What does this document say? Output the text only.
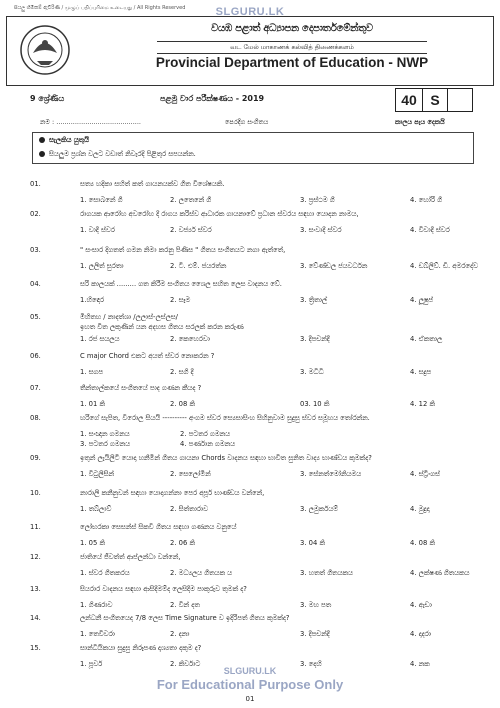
SLGURU.LK
සියලු හිමිකම් ඇවිරිණි / முழுப் பதிப்புரிமை உடையது / All Rights Reserved
වයඹ පළාත් අධ්‍යාපන දෙපාර්තමේන්තුව
வட மேல் மாகாணக் கல்வித் திணைக்களம்
Provincial Department of Education - NWP
9 ශ්‍රේණිය	පළමු වාර පරීක්ෂණය - 2019	40 S
නම : .........................................	පෙරදිග සංගීතය	කාලය පැය දෙකයි
සැලකිය යුතුයි
සියලුම ප්‍රශ්න වලට වඩාත් නිවැරදි පිළිතුර සපයන්න.
01.	සත්‍ය හදිකා සහිත් කත් ගායනයක්ව ගීත විශේෂයකි.
1. සොබනේ ගී	2. ලතෙනේ ගී	3. ප්‍රස්ථම ගී	4. හෝරි ගී
02.	රාගයක ආරෝහ අවරෝහ දී රාගය කරිස්ව ආධාරක ගායනාවේ ප්‍රධාන ස්වරය සඳහා යොදන නාමය,
1. වාදී ස්වර	2. වර්ජ්‍ය ස්වර	3. සංවාදී ස්වර	4. විවාදී ස්වර
03.	" සංසාර දිගතත් ගමන නිමා කරනු පිණිස " ගීතය සංගීතයට නගා ඇත්තේ,
1. ලලිත් සුරතා	2. ටී. එම්. ජයරත්න	3. වේණ්ඩල ජයවර්ධන	4. ඩබ්ලිව්. ඩී. අමරදේව
04.	සරි කාලයක් ......... ගත කිරීම සංගීතය ශෛල සහිත ලෙස වාදනය වේ.
1.හිඳෙර	2. සෑම	3. ත්‍රිතාල්	4. ලූෂුප්
05.	මිහිතහ / නාදත්ශා /ලලාස්-ලස්ලස/
ඉහත විත ලකුණින් යන අදහස ගීතය සරලක් කරන කරුණ
1. රජ සයලය	2. කෙහෙරවා	3. දීපචන්දී	4. ඒකතාල
06.	C major Chord එකට අයත් ස්වර නොකරන ?
1. සගප	2. සගි දී	3. මධිධි	4. සදුප
07.	තීන්තාල්කයේ සංගීතයේ පාද ගණන කීයද ?
1. 01 කි	2. 08 කි	03. 10 කි	4. 12 කි
08.	හරිගේ සැපිත, වීරොල සියයි ---------- අංගම ස්වර ස්‍යෙසාසිංහ සිහිනුවාම සුදුසු ස්වර සමූහය තෝරන්න.
1. සංඥාන ගමනය	2. පටතර ගමනය
3. පටතර ගමනය	4. පර්ණාන ගමනය
09.	ඉතුන් ලැයිලිටි යොදා හනීමින් ගීතය ගායනා Chords වාදනය සඳහා භාවිත සුනිත වාද්‍ය භාණ්ඩය කුමක්ද?
1. විටුලිසින්	2. සෙලෝමින්	3. සේනත්මෝනියමය	4. ස්ට්‍රිංගස්
10.	නාරාලි කනීනුවන් සඳහා යොදාගන්නා පෙර අපූර් භාණ්ඩය වන්නේ,
1. තබ්ලාව්	2. සිත්තාරාව	3. ලමුර්කයම්	4. මුදුදා
11.	ලෝභරකා සෙසන්ස් සිකවී ගීතය සඳහා ගණනය වනුයේ
1. 05 කි	2. 06 කි	3. 04 කි	4. 08 කි
12.	ජාතියේ ජීවත්ත් ආප්ලන්ධා වන්නේ,
1. ස්වර ගීතකරය	2. මධ්‍යලය ගීතයක ය	3. හතත් ගීතයකය	4. ලක්ෂණ ගීතයකය
13.	සියරාර වාදනය සඳහා ආසිදීමම්ද ලෙසිදීම පාකුරුව තුමක් ද?
1. ගිණරාව	2. වින් දත	3. මහ පත	4. ඇඩා
14.	ලන්ධනී සංගීතයෙද 7/8 ලෙස Time Signature ව ඉදිරිපත් ගීතය කුමක්ද?
1. තෙවිවරා	2. දනා	3. දීපචන්දී	4. දාදරා
15.	සාන්ධියිකයා සුදුසු නිරූපණ දෘශ්‍යතා දකුම ද?
1. පූර්ව	2. කිර්වාට	3. දෙහි	4. නක
SLGURU.LK
For Educational Purpose Only
01
